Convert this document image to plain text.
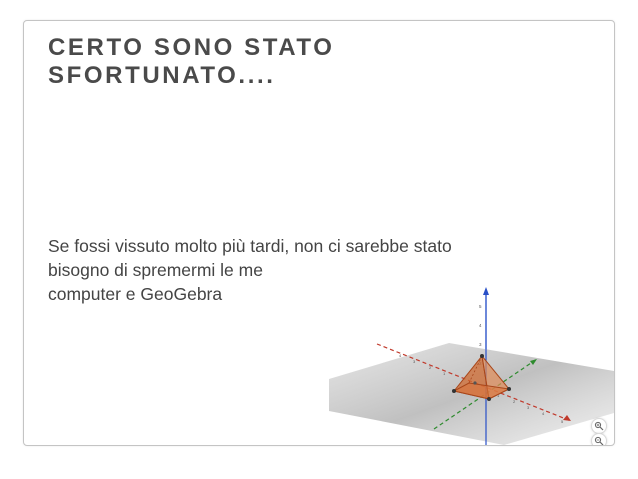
CERTO SONO STATO
SFORTUNATO....

Se fossi vissuto molto più tardi, non ci sarebbe stato
bisogno di spremermi le me
computer e GeoGebra

4
3
2
1
1
2
3
4
5
5
4
3
